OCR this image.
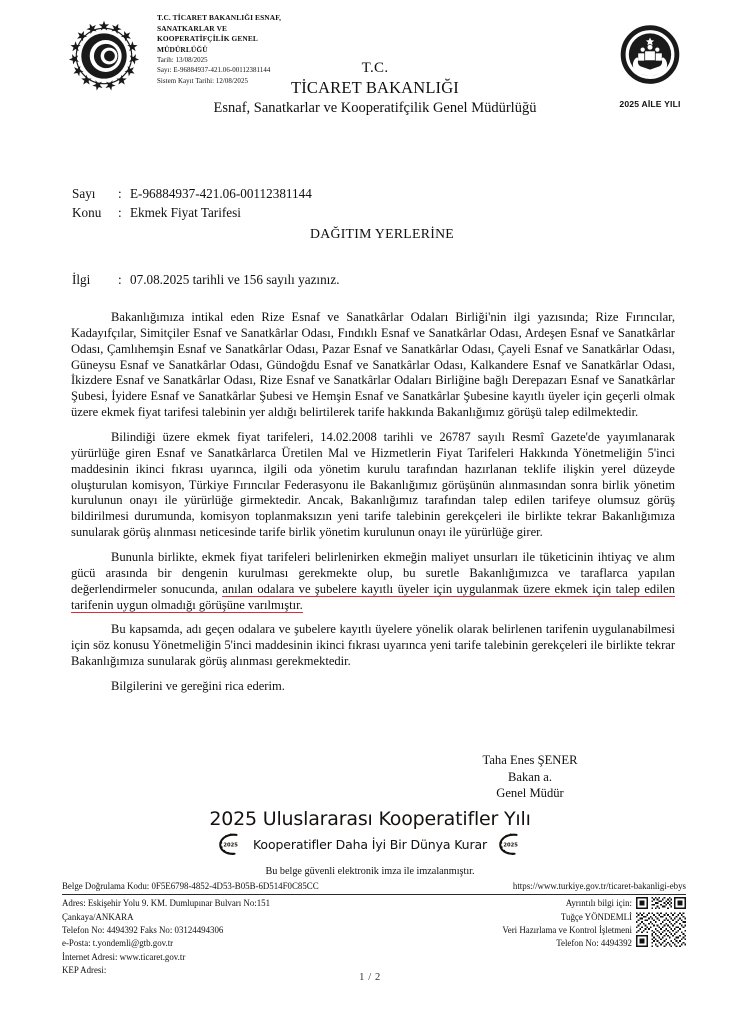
T.C. TİCARET BAKANLIĞI ESNAF,
SANATKARLAR VE
KOOPERATİFÇİLİK GENEL
MÜDÜRLÜĞÜ
Tarih: 13/08/2025
Sayı: E-96884937-421.06-00112381144
Sistem Kayıt Tarihi: 12/08/2025
T.C.
TİCARET BAKANLIĞI
Esnaf, Sanatkarlar ve Kooperatifçilik Genel Müdürlüğü	2025 AİLE YILI
Sayı	: E-96884937-421.06-00112381144
Konu	: Ekmek Fiyat Tarifesi
DAĞITIM YERLERİNE
İlgi	: 07.08.2025 tarihli ve 156 sayılı yazınız.

Bakanlığımıza intikal eden Rize Esnaf ve Sanatkârlar Odaları Birliği'nin ilgi yazısında; Rize Fırıncılar, Kadayıfçılar, Simitçiler Esnaf ve Sanatkârlar Odası, Fındıklı Esnaf ve Sanatkârlar Odası, Ardeşen Esnaf ve Sanatkârlar Odası, Çamlıhemşin Esnaf ve Sanatkârlar Odası, Pazar Esnaf ve Sanatkârlar Odası, Çayeli Esnaf ve Sanatkârlar Odası, Güneysu Esnaf ve Sanatkârlar Odası, Gündoğdu Esnaf ve Sanatkârlar Odası, Kalkandere Esnaf ve Sanatkârlar Odası, İkizdere Esnaf ve Sanatkârlar Odası, Rize Esnaf ve Sanatkârlar Odaları Birliğine bağlı Derepazarı Esnaf ve Sanatkârlar Şubesi, İyidere Esnaf ve Sanatkârlar Şubesi ve Hemşin Esnaf ve Sanatkârlar Şubesine kayıtlı üyeler için geçerli olmak üzere ekmek fiyat tarifesi talebinin yer aldığı belirtilerek tarife hakkında Bakanlığımız görüşü talep edilmektedir.

Bilindiği üzere ekmek fiyat tarifeleri, 14.02.2008 tarihli ve 26787 sayılı Resmî Gazete'de yayımlanarak yürürlüğe giren Esnaf ve Sanatkârlarca Üretilen Mal ve Hizmetlerin Fiyat Tarifeleri Hakkında Yönetmeliğin 5'inci maddesinin ikinci fıkrası uyarınca, ilgili oda yönetim kurulu tarafından hazırlanan teklife ilişkin yerel düzeyde oluşturulan komisyon, Türkiye Fırıncılar Federasyonu ile Bakanlığımız görüşünün alınmasından sonra birlik yönetim kurulunun onayı ile yürürlüğe girmektedir. Ancak, Bakanlığımız tarafından talep edilen tarifeye olumsuz görüş bildirilmesi durumunda, komisyon toplanmaksızın yeni tarife talebinin gerekçeleri ile birlikte tekrar Bakanlığımıza sunularak görüş alınması neticesinde tarife birlik yönetim kurulunun onayı ile yürürlüğe girer.

Bununla birlikte, ekmek fiyat tarifeleri belirlenirken ekmeğin maliyet unsurları ile tüketicinin ihtiyaç ve alım gücü arasında bir dengenin kurulması gerekmekte olup, bu suretle Bakanlığımızca ve taraflarca yapılan değerlendirmeler sonucunda, anılan odalara ve şubelere kayıtlı üyeler için uygulanmak üzere ekmek için talep edilen tarifenin uygun olmadığı görüşüne varılmıştır.

Bu kapsamda, adı geçen odalara ve şubelere kayıtlı üyelere yönelik olarak belirlenen tarifenin uygulanabilmesi için söz konusu Yönetmeliğin 5'inci maddesinin ikinci fıkrası uyarınca yeni tarife talebinin gerekçeleri ile birlikte tekrar Bakanlığımıza sunularak görüş alınması gerekmektedir.

Bilgilerini ve gereğini rica ederim.

Taha Enes ŞENER
Bakan a.
Genel Müdür
2025 Uluslararası Kooperatifler Yılı
2025 Kooperatifler Daha İyi Bir Dünya Kurar 2025
Bu belge güvenli elektronik imza ile imzalanmıştır.
Belge Doğrulama Kodu: 0F5E6798-4852-4D53-B05B-6D514F0C85CC	https://www.turkiye.gov.tr/ticaret-bakanligi-ebys
Adres: Eskişehir Yolu 9. KM. Dumlupınar Bulvarı No:151
Çankaya/ANKARA
Telefon No: 4494392 Faks No: 03124494306
e-Posta: t.yondemli@gtb.gov.tr
İnternet Adresi: www.ticaret.gov.tr
KEP Adresi:
Ayrıntılı bilgi için:
Tuğçe YÖNDEMLİ
Veri Hazırlama ve Kontrol İşletmeni
Telefon No: 4494392
1 / 2
